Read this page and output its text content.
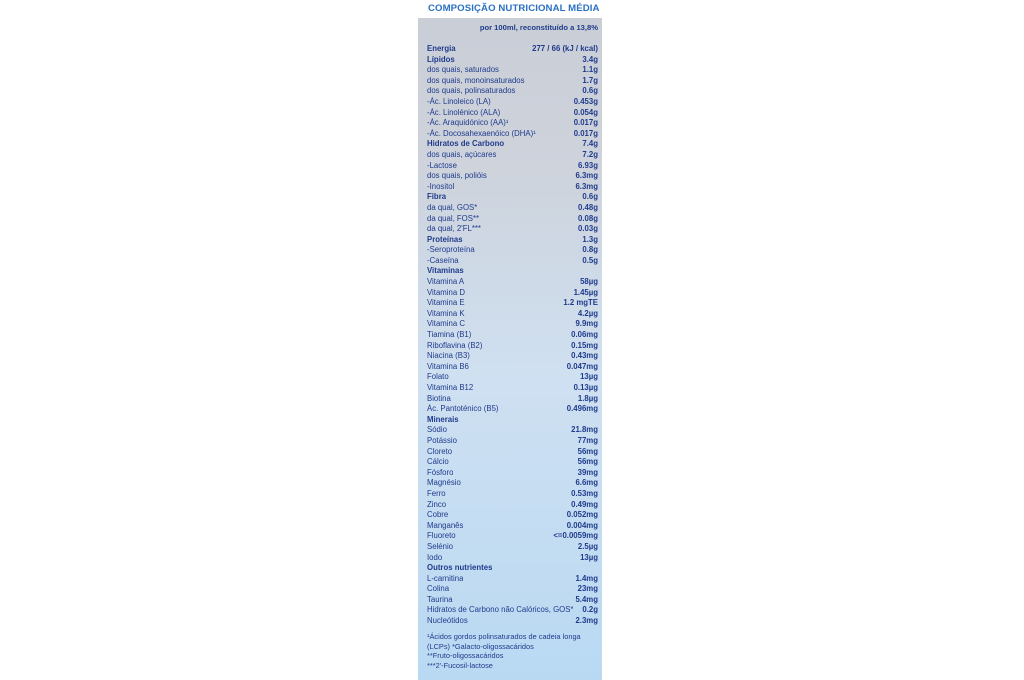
COMPOSIÇÃO NUTRICIONAL MÉDIA
por 100ml, reconstituído a 13,8%
Energia	277 / 66 (kJ / kcal)
Lípidos	3.4g
dos quais, saturados	1.1g
dos quais, monoinsaturados	1.7g
dos quais, polinsaturados	0.6g
-Ác. Linoleico (LA)	0.453g
-Ác. Linolénico (ALA)	0.054g
-Ác. Araquidónico (AA)¹	0.017g
-Ác. Docosahexaenóico (DHA)¹	0.017g
Hidratos de Carbono	7.4g
dos quais, açúcares	7.2g
-Lactose	6.93g
dos quais, polióis	6.3mg
-Inositol	6.3mg
Fibra	0.6g
da qual, GOS*	0.48g
da qual, FOS**	0.08g
da qual, 2'FL***	0.03g
Proteínas	1.3g
-Seroproteína	0.8g
-Caseína	0.5g
Vitaminas
Vitamina A	58µg
Vitamina D	1.45µg
Vitamina E	1.2 mgTE
Vitamina K	4.2µg
Vitamina C	9.9mg
Tiamina (B1)	0.06mg
Riboflavina (B2)	0.15mg
Niacina (B3)	0.43mg
Vitamina B6	0.047mg
Folato	13µg
Vitamina B12	0.13µg
Biotina	1.8µg
Ác. Pantoténico (B5)	0.496mg
Minerais
Sódio	21.8mg
Potássio	77mg
Cloreto	56mg
Cálcio	56mg
Fósforo	39mg
Magnésio	6.6mg
Ferro	0.53mg
Zinco	0.49mg
Cobre	0.052mg
Manganês	0.004mg
Fluoreto	<=0.0059mg
Selénio	2.5µg
Iodo	13µg
Outros nutrientes
L-carnitina	1.4mg
Colina	23mg
Taurina	5.4mg
Hidratos de Carbono não Calóricos, GOS*	0.2g
Nucleótidos	2.3mg
¹Ácidos gordos polinsaturados de cadeia longa
(LCPs) *Galacto-oligossacáridos
**Fruto-oligossacáridos
***2'-Fucosil-lactose
